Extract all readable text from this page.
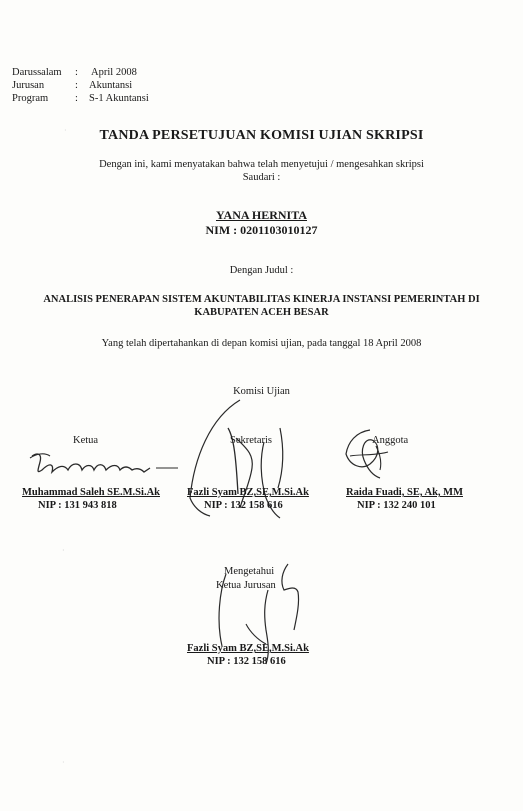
Darussalam	:	April 2008
Jurusan	:	Akuntansi
Program	:	S-1 Akuntansi
·	TANDA PERSETUJUAN KOMISI UJIAN SKRIPSI
Dengan ini, kami menyatakan bahwa telah menyetujui / mengesahkan skripsi
Saudari :
YANA HERNITA
NIM : 0201103010127
Dengan Judul :
ANALISIS PENERAPAN SISTEM AKUNTABILITAS KINERJA INSTANSI PEMERINTAH DI
KABUPATEN ACEH BESAR
Yang telah dipertahankan di depan komisi ujian, pada tanggal 18 April 2008
Komisi Ujian
Ketua
Muhammad Saleh SE.M.Si.Ak
NIP : 131 943 818
Sekretaris
Fazli Syam BZ,SE,M.Si.Ak
NIP : 132 158 616
Anggota
Raida Fuadi, SE, Ak, MM
NIP : 132 240 101
·
Mengetahui
Ketua Jurusan
Fazli Syam BZ,SE,M.Si.Ak
NIP : 132 158 616
·
